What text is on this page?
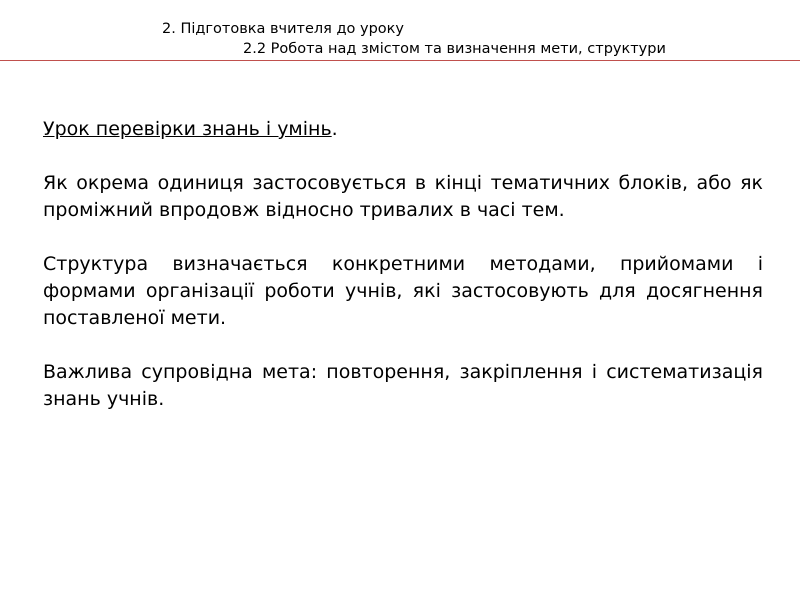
2. Підготовка вчителя до уроку
2.2 Робота над змістом та визначення мети, структури

Урок перевірки знань і умінь.

Як окрема одиниця застосовується в кінці тематичних блоків, або як проміжний впродовж відносно тривалих в часі тем.

Структура визначається конкретними методами, прийомами і формами організації роботи учнів, які застосовують для досягнення поставленої мети.

Важлива супровідна мета: повторення, закріплення і систематизація знань учнів.
